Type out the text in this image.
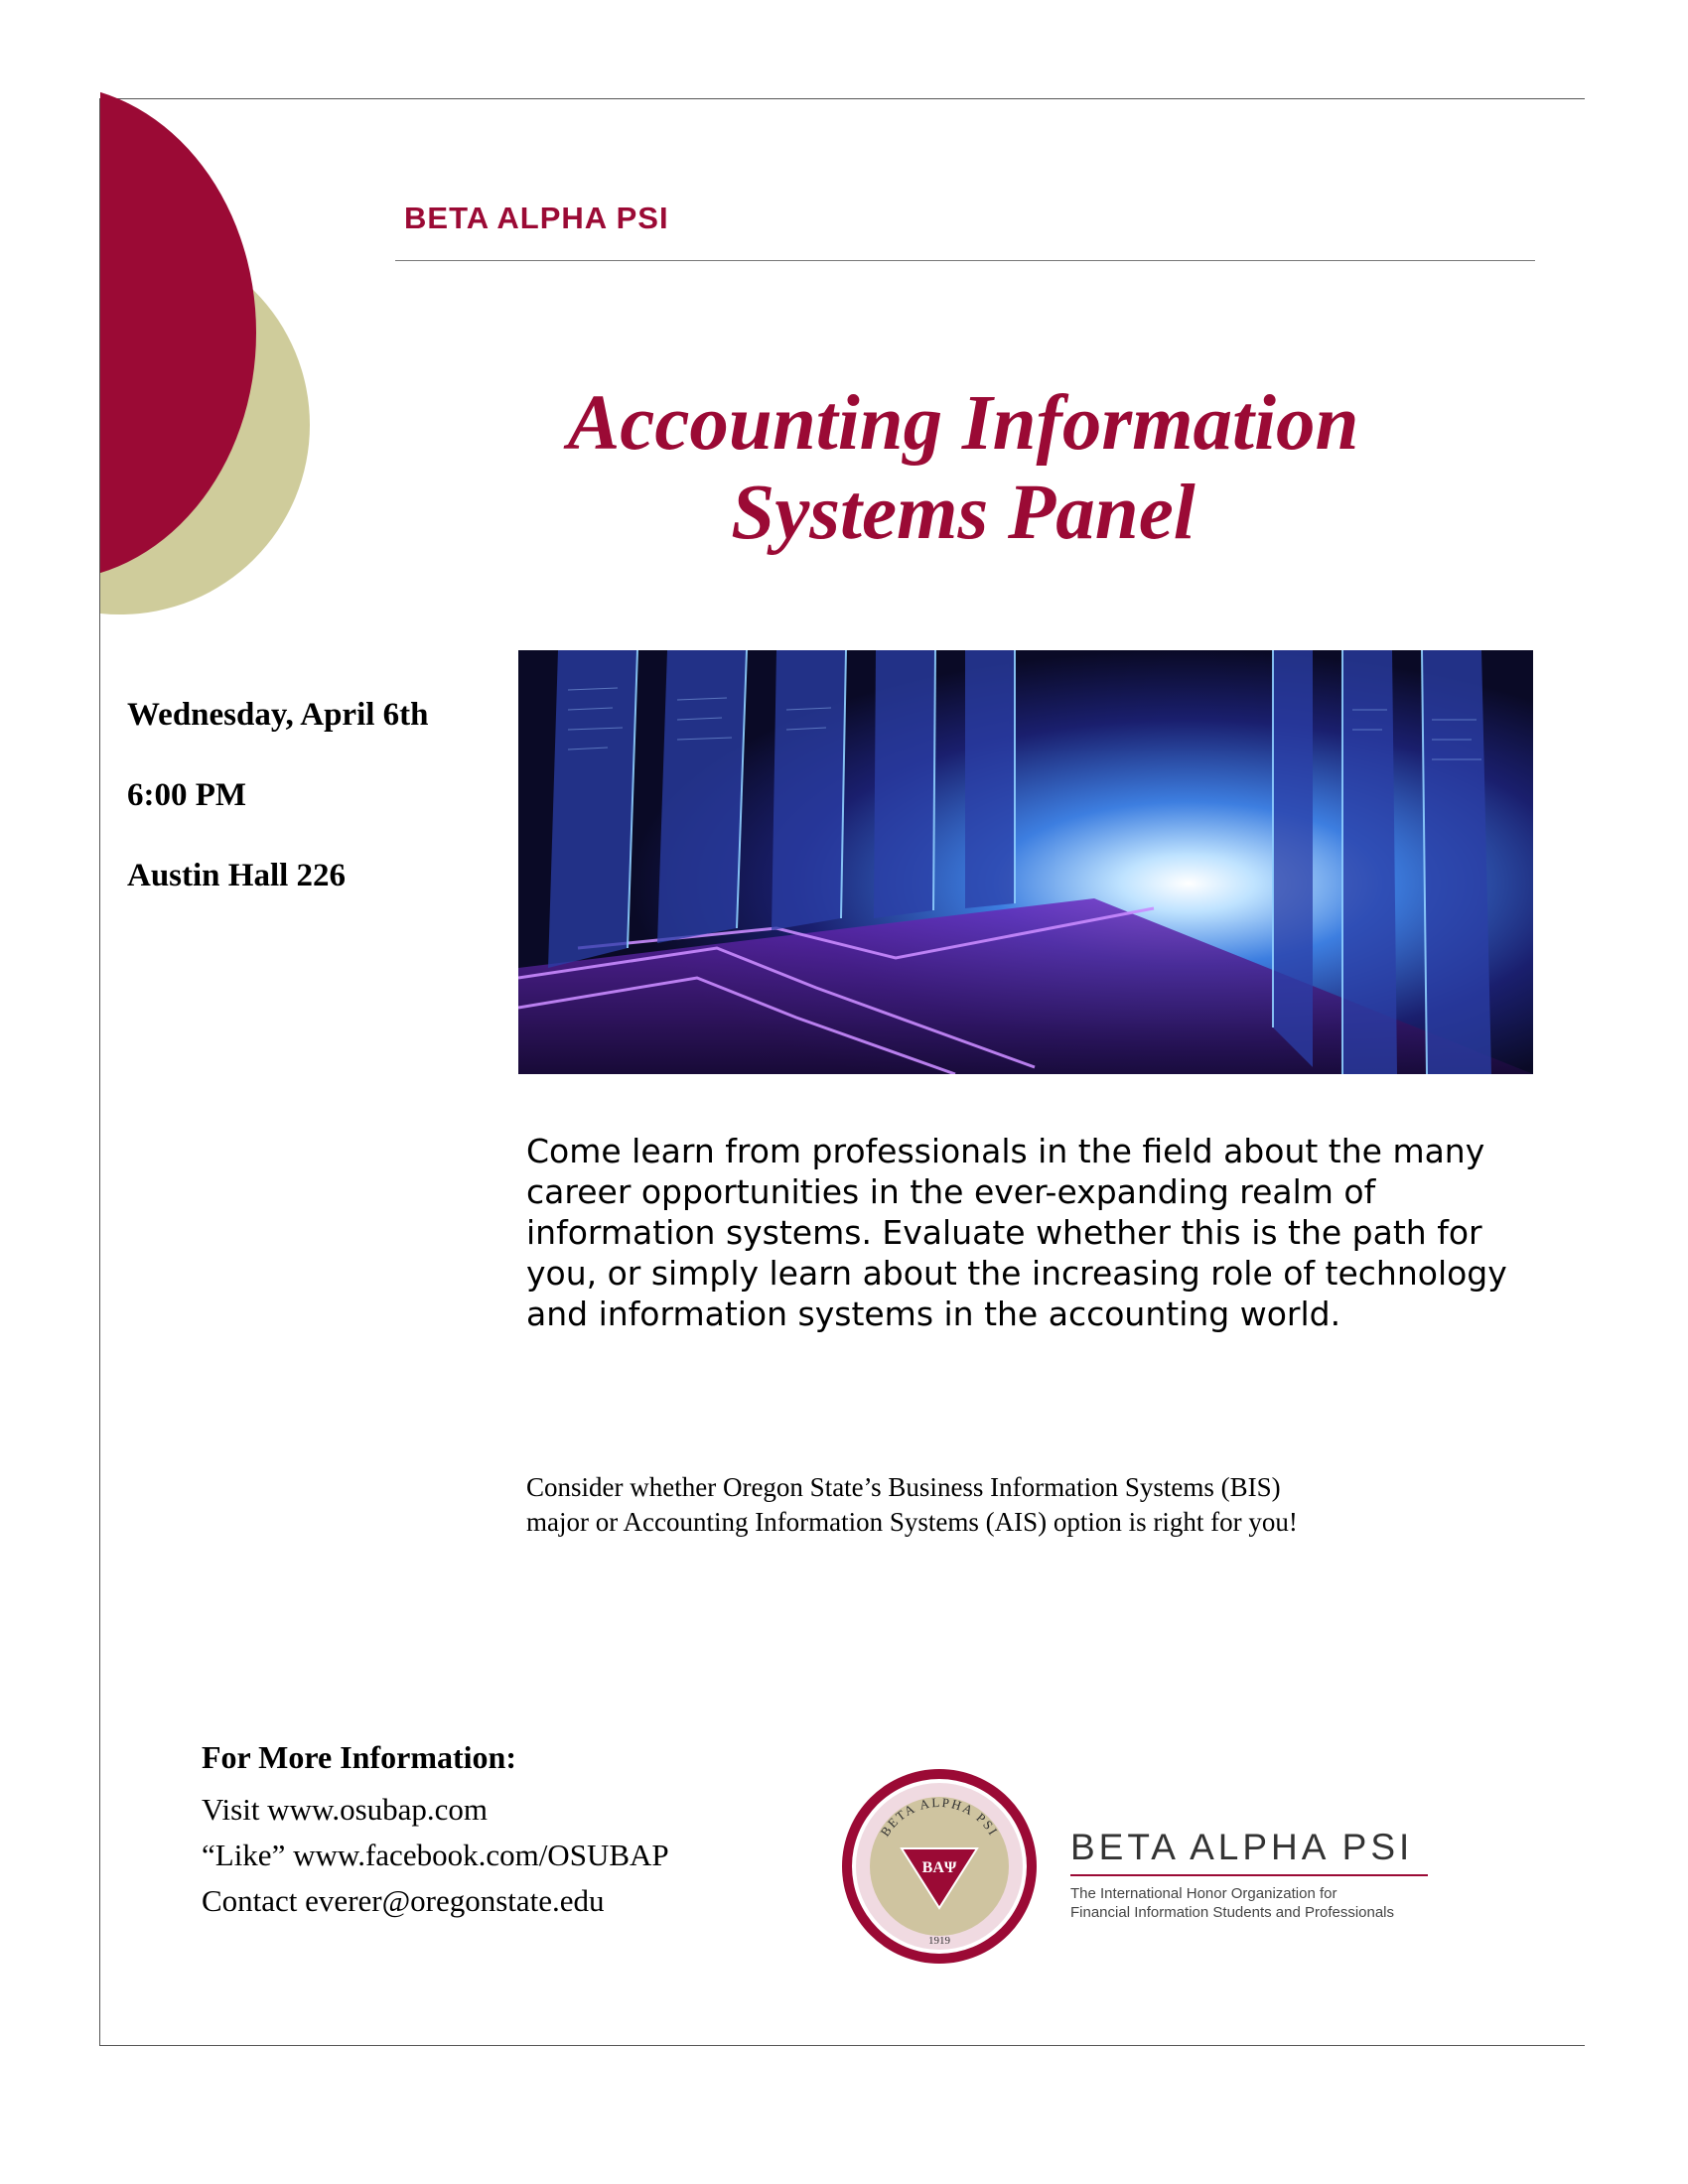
BETA ALPHA PSI
Accounting Information
Systems Panel
Wednesday, April 6th
6:00 PM
Austin Hall 226
Come learn from professionals in the field about the many career opportunities in the ever-expanding realm of information systems. Evaluate whether this is the path for you, or simply learn about the increasing role of technology and information systems in the accounting world.
Consider whether Oregon State’s Business Information Systems (BIS)
major or Accounting Information Systems (AIS) option is right for you!
For More Information:
Visit www.osubap.com
“Like” www.facebook.com/OSUBAP
Contact everer@oregonstate.edu
BETA ALPHA PSI
BAΨ
1919
BETA ALPHA PSI
The International Honor Organization for
Financial Information Students and Professionals
